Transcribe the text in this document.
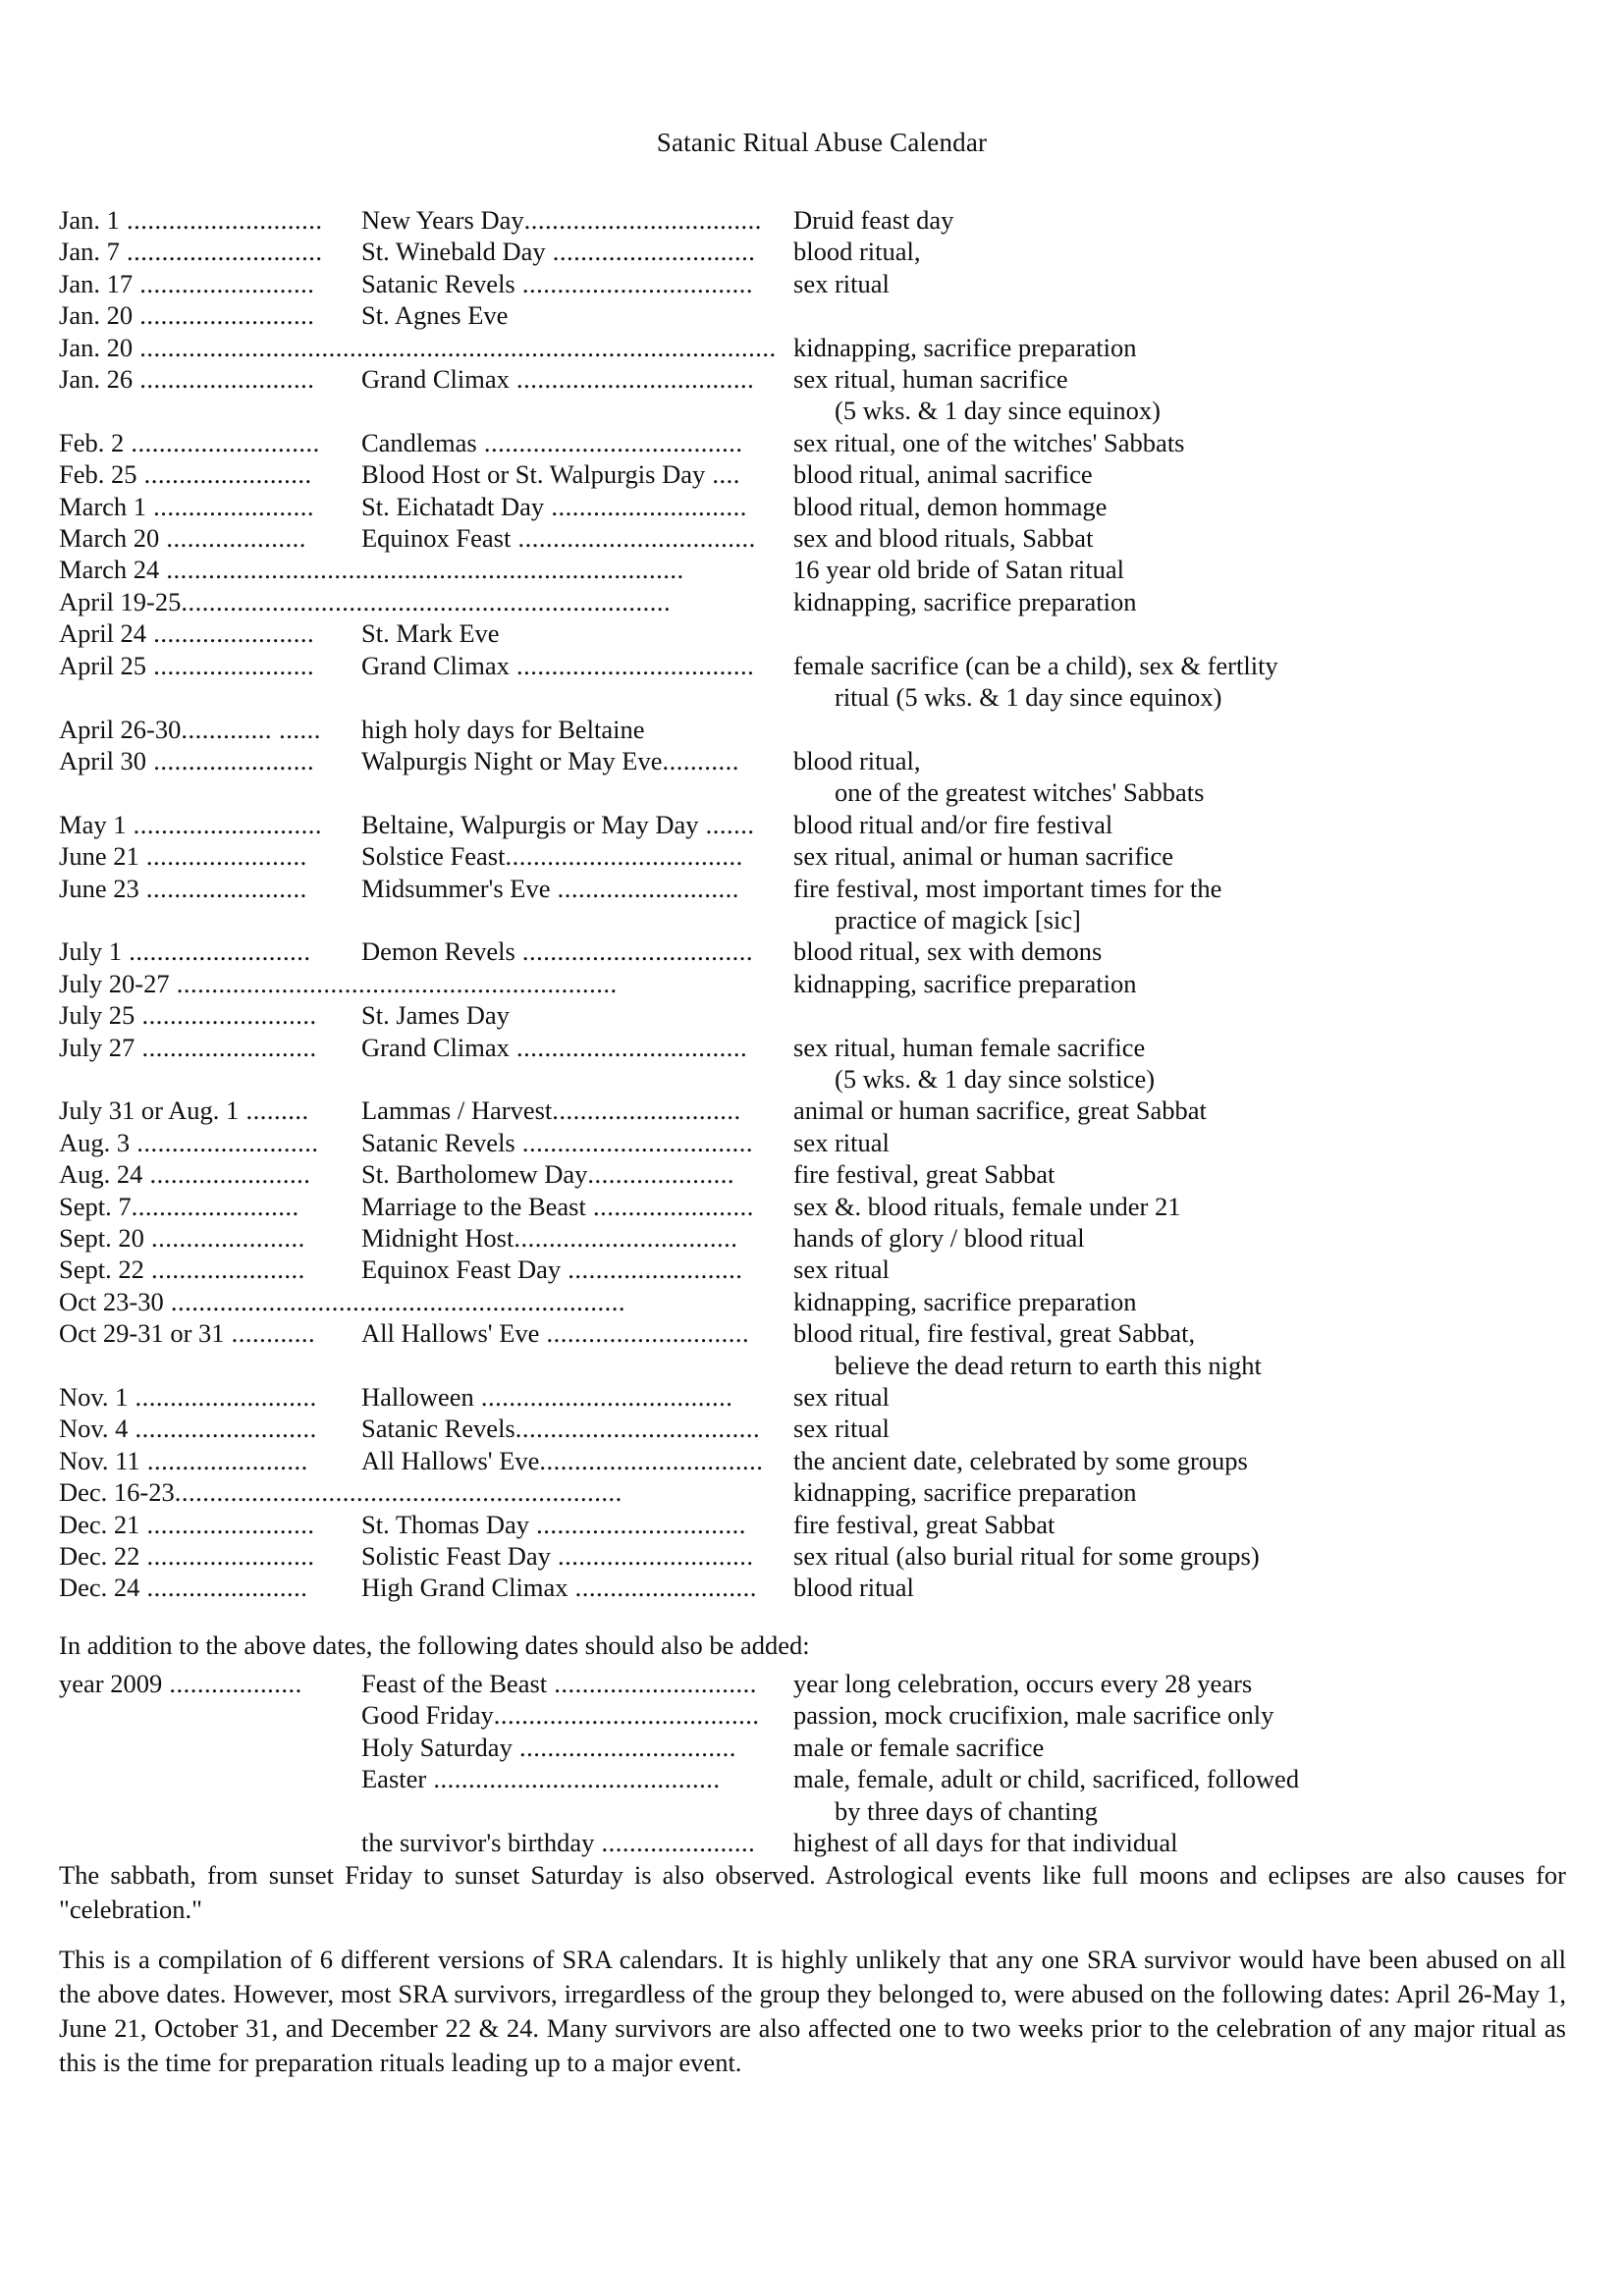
Satanic Ritual Abuse Calendar
Jan. 1 ............................ New Years Day.................................. Druid feast day
Jan. 7 ............................ St. Winebald Day ............................. blood ritual,
Jan. 17 ......................... Satanic Revels ................................. sex ritual
Jan. 20 ......................... St. Agnes Eve
Jan. 20 ........................................................................................... kidnapping, sacrifice preparation
Jan. 26 ......................... Grand Climax .................................. sex ritual, human sacrifice
(5 wks. & 1 day since equinox)
Feb. 2 ........................... Candlemas ..................................... sex ritual, one of the witches' Sabbats
Feb. 25 ........................ Blood Host or St. Walpurgis Day .... blood ritual, animal sacrifice
March 1 ....................... St. Eichatadt Day ............................ blood ritual, demon hommage
March 20 .................... Equinox Feast .................................. sex and blood rituals, Sabbat
March 24 ..........................................................................	16 year old bride of Satan ritual
April 19-25......................................................................	kidnapping, sacrifice preparation
April 24 ....................... St. Mark Eve
April 25 ....................... Grand Climax .................................. female sacrifice (can be a child), sex & fertlity
ritual (5 wks. & 1 day since equinox)
April 26-30............. ...... high holy days for Beltaine
April 30 ....................... Walpurgis Night or May Eve........... blood ritual,
one of the greatest witches' Sabbats
May 1 ........................... Beltaine, Walpurgis or May Day ....... blood ritual and/or fire festival
June 21 ....................... Solstice Feast..................................sex ritual, animal or human sacrifice
June 23 ....................... Midsummer's Eve ..........................fire festival, most important times for the
practice of magick [sic]
July 1 .......................... Demon Revels .................................blood ritual, sex with demons
July 20-27 ...............................................................	kidnapping, sacrifice preparation
July 25 ......................... St. James Day
July 27 ......................... Grand Climax .................................sex ritual, human female sacrifice
(5 wks. & 1 day since solstice)
July 31 or Aug. 1 ......... Lammas / Harvest...........................animal or human sacrifice, great Sabbat
Aug. 3 .......................... Satanic Revels .................................sex ritual
Aug. 24 ....................... St. Bartholomew Day.....................fire festival, great Sabbat
Sept. 7........................ Marriage to the Beast .......................sex &. blood rituals, female under 21
Sept. 20 ...................... Midnight Host................................hands of glory / blood ritual
Sept. 22 ...................... Equinox Feast Day .........................sex ritual
Oct 23-30 .................................................................	kidnapping, sacrifice preparation
Oct 29-31 or 31 ............ All Hallows' Eve .............................blood ritual, fire festival, great Sabbat,
believe the dead return to earth this night
Nov. 1 ..........................Halloween ....................................sex ritual
Nov. 4 .......................... Satanic Revels................................... sex ritual
Nov. 11 ....................... All Hallows' Eve................................ the ancient date, celebrated by some groups
Dec. 16-23................................................................	kidnapping, sacrifice preparation
Dec. 21 ........................ St. Thomas Day .............................. fire festival, great Sabbat
Dec. 22 ........................ Solistic Feast Day ............................ sex ritual (also burial ritual for some groups)
Dec. 24 ....................... High Grand Climax .......................... blood ritual

In addition to the above dates, the following dates should also be added:

year 2009 ................... Feast of the Beast ............................. year long celebration, occurs every 28 years
Good Friday...................................... passion, mock crucifixion, male sacrifice only
Holy Saturday ............................... male or female sacrifice
Easter .........................................	male, female, adult or child, sacrificed, followed
by three days of chanting
the survivor's birthday ...................... highest of all days for that individual

The sabbath, from sunset Friday to sunset Saturday is also observed. Astrological events like full moons and eclipses are also causes for "celebration."

This is a compilation of 6 different versions of SRA calendars. It is highly unlikely that any one SRA survivor would have been abused on all the above dates. However, most SRA survivors, irregardless of the group they belonged to, were abused on the following dates: April 26-May 1, June 21, October 31, and December 22 & 24. Many survivors are also affected one to two weeks prior to the celebration of any major ritual as this is the time for preparation rituals leading up to a major event.
